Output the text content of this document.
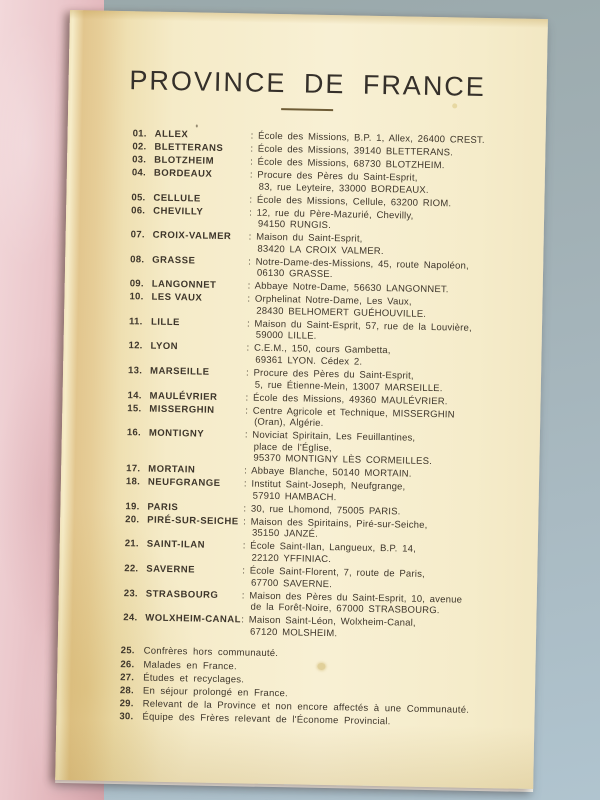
PROVINCE DE FRANCE
01. ALLEX	: École des Missions, B.P. 1, Allex, 26400 CREST.
02. BLETTERANS	: École des Missions, 39140 BLETTERANS.
03. BLOTZHEIM	: École des Missions, 68730 BLOTZHEIM.
04. BORDEAUX	: Procure des Pères du Saint-Esprit,
83, rue Leyteire, 33000 BORDEAUX.
05. CELLULE	: École des Missions, Cellule, 63200 RIOM.
06. CHEVILLY	: 12, rue du Père-Mazurié, Chevilly,
94150 RUNGIS.
07. CROIX-VALMER	: Maison du Saint-Esprit,
83420 LA CROIX VALMER.
08. GRASSE	: Notre-Dame-des-Missions, 45, route Napoléon,
06130 GRASSE.
09. LANGONNET	: Abbaye Notre-Dame, 56630 LANGONNET.
10. LES VAUX	: Orphelinat Notre-Dame, Les Vaux,
28430 BELHOMERT GUÉHOUVILLE.
11. LILLE	: Maison du Saint-Esprit, 57, rue de la Louvière,
59000 LILLE.
12. LYON	: C.E.M., 150, cours Gambetta,
69361 LYON. Cédex 2.
13. MARSEILLE	: Procure des Pères du Saint-Esprit,
5, rue Étienne-Mein, 13007 MARSEILLE.
14. MAULÉVRIER	: École des Missions, 49360 MAULÉVRIER.
15. MISSERGHIN	: Centre Agricole et Technique, MISSERGHIN
(Oran), Algérie.
16. MONTIGNY	: Noviciat Spiritain, Les Feuillantines,
place de l'Église,
95370 MONTIGNY LÈS CORMEILLES.
17. MORTAIN	: Abbaye Blanche, 50140 MORTAIN.
18. NEUFGRANGE	: Institut Saint-Joseph, Neufgrange,
57910 HAMBACH.
19. PARIS	: 30, rue Lhomond, 75005 PARIS.
20. PIRÉ-SUR-SEICHE : Maison des Spiritains, Piré-sur-Seiche,
35150 JANZÉ.
21. SAINT-ILAN	: École Saint-Ilan, Langueux, B.P. 14,
22120 YFFINIAC.
22. SAVERNE	: École Saint-Florent, 7, route de Paris,
67700 SAVERNE.
23. STRASBOURG	: Maison des Pères du Saint-Esprit, 10, avenue
de la Forêt-Noire, 67000 STRASBOURG.
24. WOLXHEIM-CANAL : Maison Saint-Léon, Wolxheim-Canal,
67120 MOLSHEIM.
25. Confrères hors communauté.
26. Malades en France.
27. Études et recyclages.
28. En séjour prolongé en France.
29. Relevant de la Province et non encore affectés à une Communauté.
30. Équipe des Frères relevant de l'Économe Provincial.
